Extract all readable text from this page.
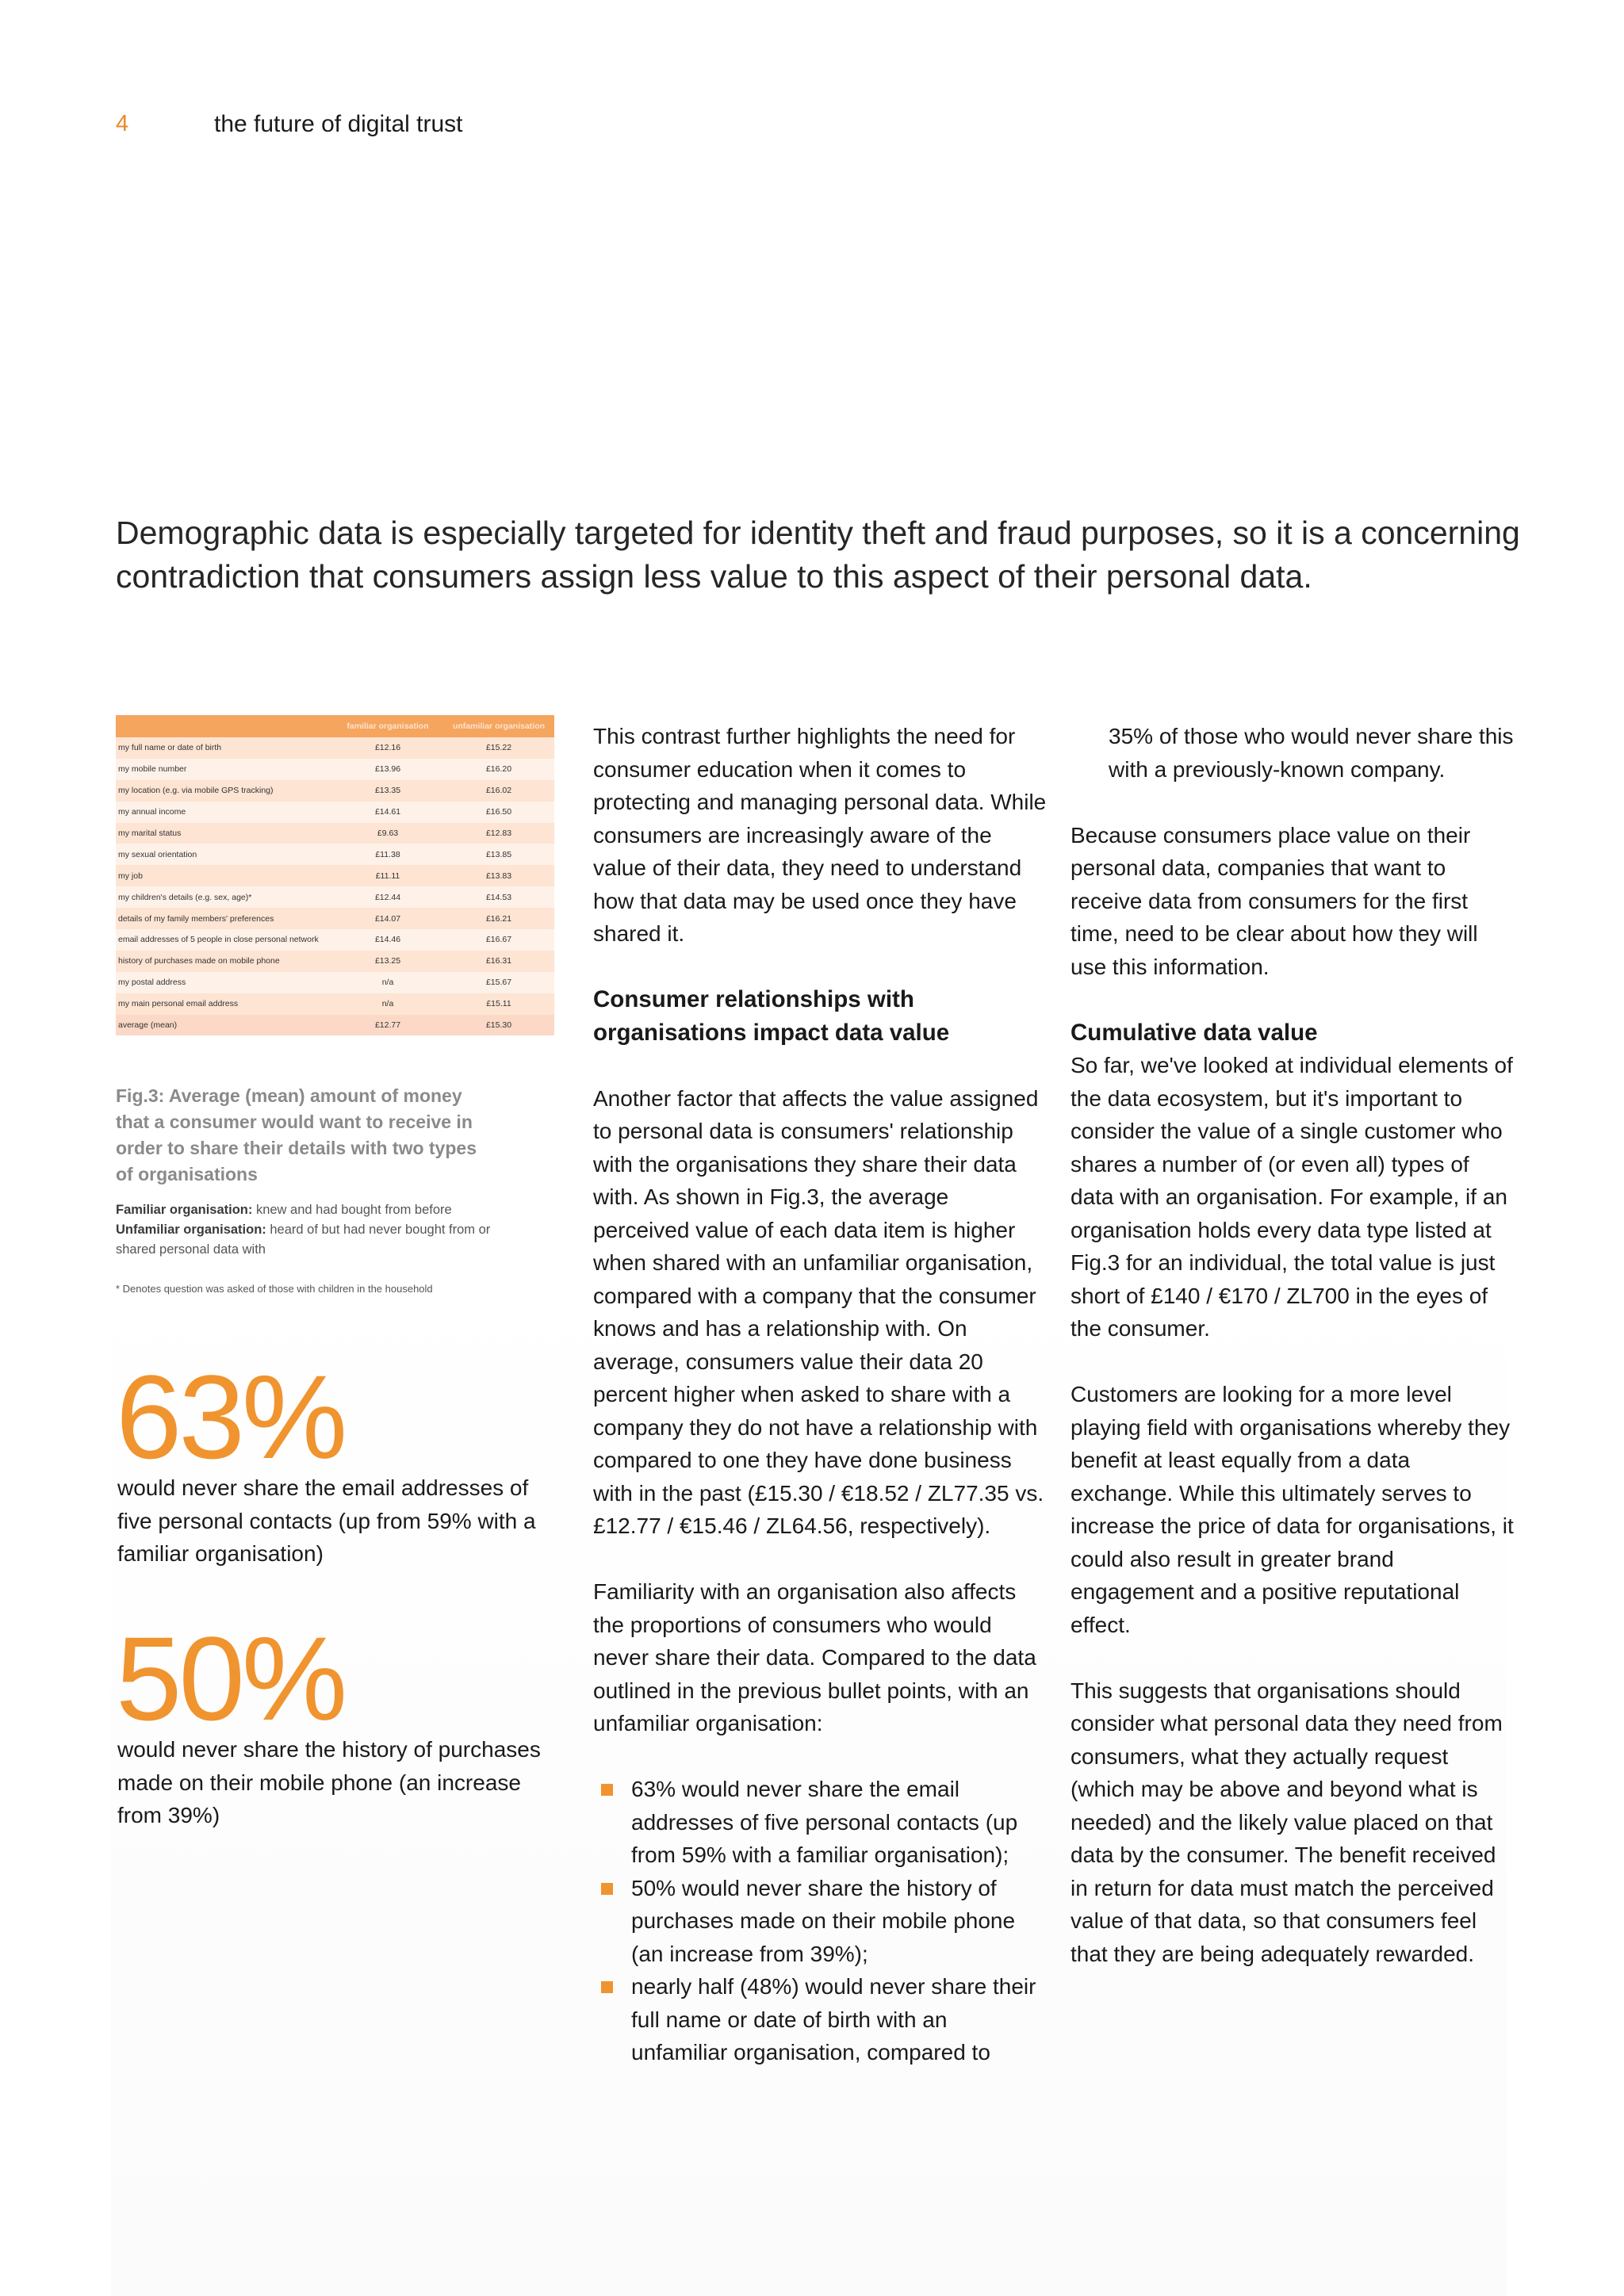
4	the future of digital trust
Demographic data is especially targeted for identity theft and fraud purposes, so it is a concerning contradiction that consumers assign less value to this aspect of their personal data.
	familiar organisation	unfamiliar organisation
my full name or date of birth	£12.16	£15.22
my mobile number	£13.96	£16.20
my location (e.g. via mobile GPS tracking)	£13.35	£16.02
my annual income	£14.61	£16.50
my marital status	£9.63	£12.83
my sexual orientation	£11.38	£13.85
my job	£11.11	£13.83
my children's details (e.g. sex, age)*	£12.44	£14.53
details of my family members' preferences	£14.07	£16.21
email addresses of 5 people in close personal network	£14.46	£16.67
history of purchases made on mobile phone	£13.25	£16.31
my postal address	n/a	£15.67
my main personal email address	n/a	£15.11
average (mean)	£12.77	£15.30
Fig.3: Average (mean) amount of money that a consumer would want to receive in order to share their details with two types of organisations
Familiar organisation: knew and had bought from before
Unfamiliar organisation: heard of but had never bought from or shared personal data with
* Denotes question was asked of those with children in the household
63%
would never share the email addresses of five personal contacts (up from 59% with a familiar organisation)
50%
would never share the history of purchases made on their mobile phone (an increase from 39%)

This contrast further highlights the need for consumer education when it comes to protecting and managing personal data. While consumers are increasingly aware of the value of their data, they need to understand how that data may be used once they have shared it.

Consumer relationships with organisations impact data value

Another factor that affects the value assigned to personal data is consumers' relationship with the organisations they share their data with. As shown in Fig.3, the average perceived value of each data item is higher when shared with an unfamiliar organisation, compared with a company that the consumer knows and has a relationship with. On average, consumers value their data 20 percent higher when asked to share with a company they do not have a relationship with compared to one they have done business with in the past (£15.30 / €18.52 / ZL77.35 vs. £12.77 / €15.46 / ZL64.56, respectively).

Familiarity with an organisation also affects the proportions of consumers who would never share their data. Compared to the data outlined in the previous bullet points, with an unfamiliar organisation:

63% would never share the email addresses of five personal contacts (up from 59% with a familiar organisation);
50% would never share the history of purchases made on their mobile phone (an increase from 39%);
nearly half (48%) would never share their full name or date of birth with an unfamiliar organisation, compared to

35% of those who would never share this with a previously-known company.

Because consumers place value on their personal data, companies that want to receive data from consumers for the first time, need to be clear about how they will use this information.

Cumulative data value

So far, we've looked at individual elements of the data ecosystem, but it's important to consider the value of a single customer who shares a number of (or even all) types of data with an organisation. For example, if an organisation holds every data type listed at Fig.3 for an individual, the total value is just short of £140 / €170 / ZL700 in the eyes of the consumer.

Customers are looking for a more level playing field with organisations whereby they benefit at least equally from a data exchange. While this ultimately serves to increase the price of data for organisations, it could also result in greater brand engagement and a positive reputational effect.

This suggests that organisations should consider what personal data they need from consumers, what they actually request (which may be above and beyond what is needed) and the likely value placed on that data by the consumer. The benefit received in return for data must match the perceived value of that data, so that consumers feel that they are being adequately rewarded.
